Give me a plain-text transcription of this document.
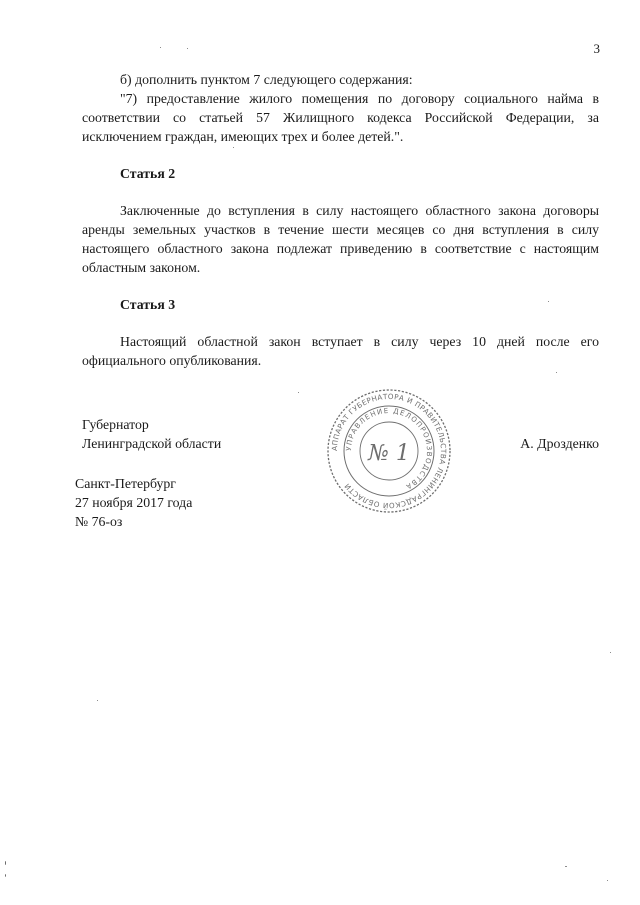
3

б) дополнить пунктом 7 следующего содержания:

"7) предоставление жилого помещения по договору социального найма в соответствии со статьей 57 Жилищного кодекса Российской Федерации, за исключением граждан, имеющих трех и более детей.".

Статья 2

Заключенные до вступления в силу настоящего областного закона договоры аренды земельных участков в течение шести месяцев со дня вступления в силу настоящего областного закона подлежат приведению в соответствие с настоящим областным законом.

Статья 3

Настоящий областной закон вступает в силу через 10 дней после его официального опубликования.

Губернатор
Ленинградской области	А. Дрозденко
Санкт-Петербург
27 ноября 2017 года
№ 76-оз
АППАРАТ ГУБЕРНАТОРА И ПРАВИТЕЛЬСТВА ЛЕНИНГРАДСКОЙ ОБЛАСТИ
УПРАВЛЕНИЕ ДЕЛОПРОИЗВОДСТВА
№ 1
